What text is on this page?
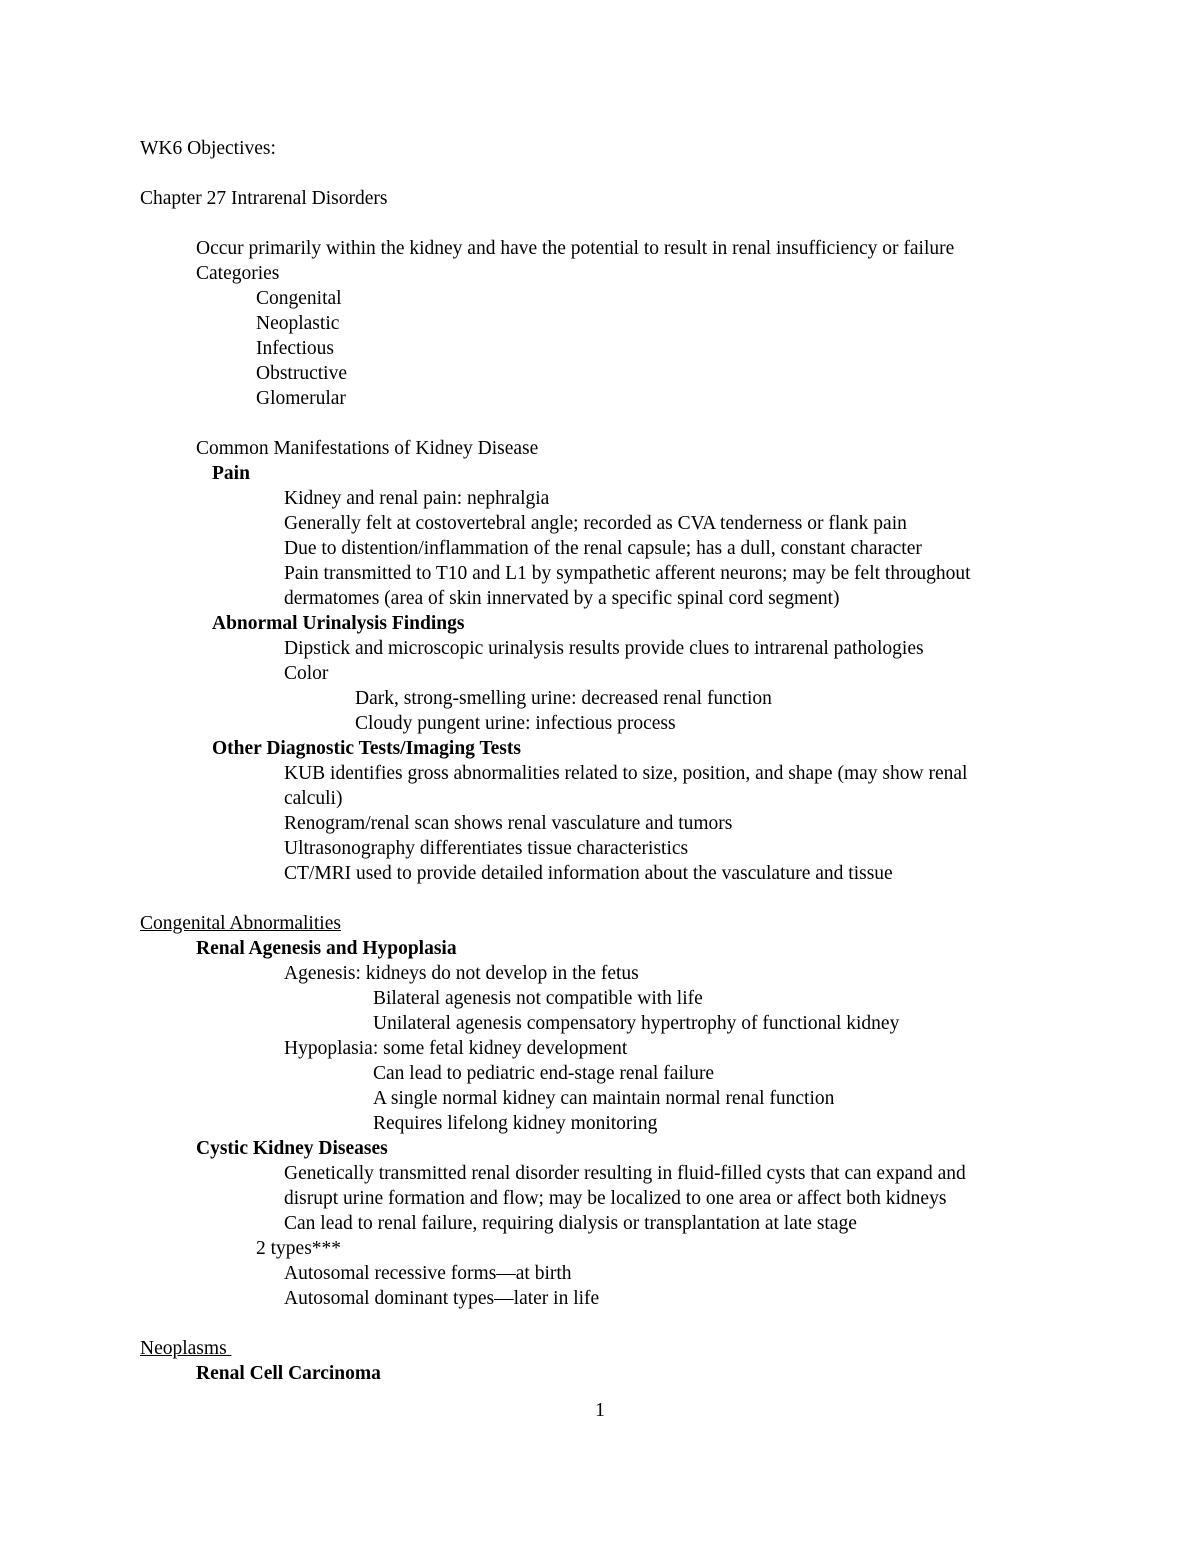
WK6 Objectives:
Chapter 27 Intrarenal Disorders
Occur primarily within the kidney and have the potential to result in renal insufficiency or failure
Categories
Congenital
Neoplastic
Infectious
Obstructive
Glomerular
Common Manifestations of Kidney Disease
Pain
Kidney and renal pain: nephralgia
Generally felt at costovertebral angle; recorded as CVA tenderness or flank pain
Due to distention/inflammation of the renal capsule; has a dull, constant character
Pain transmitted to T10 and L1 by sympathetic afferent neurons; may be felt throughout
dermatomes (area of skin innervated by a specific spinal cord segment)
Abnormal Urinalysis Findings
Dipstick and microscopic urinalysis results provide clues to intrarenal pathologies
Color
Dark, strong-smelling urine: decreased renal function
Cloudy pungent urine: infectious process
Other Diagnostic Tests/Imaging Tests
KUB identifies gross abnormalities related to size, position, and shape (may show renal
calculi)
Renogram/renal scan shows renal vasculature and tumors
Ultrasonography differentiates tissue characteristics
CT/MRI used to provide detailed information about the vasculature and tissue
Congenital Abnormalities
Renal Agenesis and Hypoplasia
Agenesis: kidneys do not develop in the fetus
Bilateral agenesis not compatible with life
Unilateral agenesis compensatory hypertrophy of functional kidney
Hypoplasia: some fetal kidney development
Can lead to pediatric end-stage renal failure
A single normal kidney can maintain normal renal function
Requires lifelong kidney monitoring
Cystic Kidney Diseases
Genetically transmitted renal disorder resulting in fluid-filled cysts that can expand and
disrupt urine formation and flow; may be localized to one area or affect both kidneys
Can lead to renal failure, requiring dialysis or transplantation at late stage
2 types***
Autosomal recessive forms—at birth
Autosomal dominant types—later in life
Neoplasms
Renal Cell Carcinoma
1
